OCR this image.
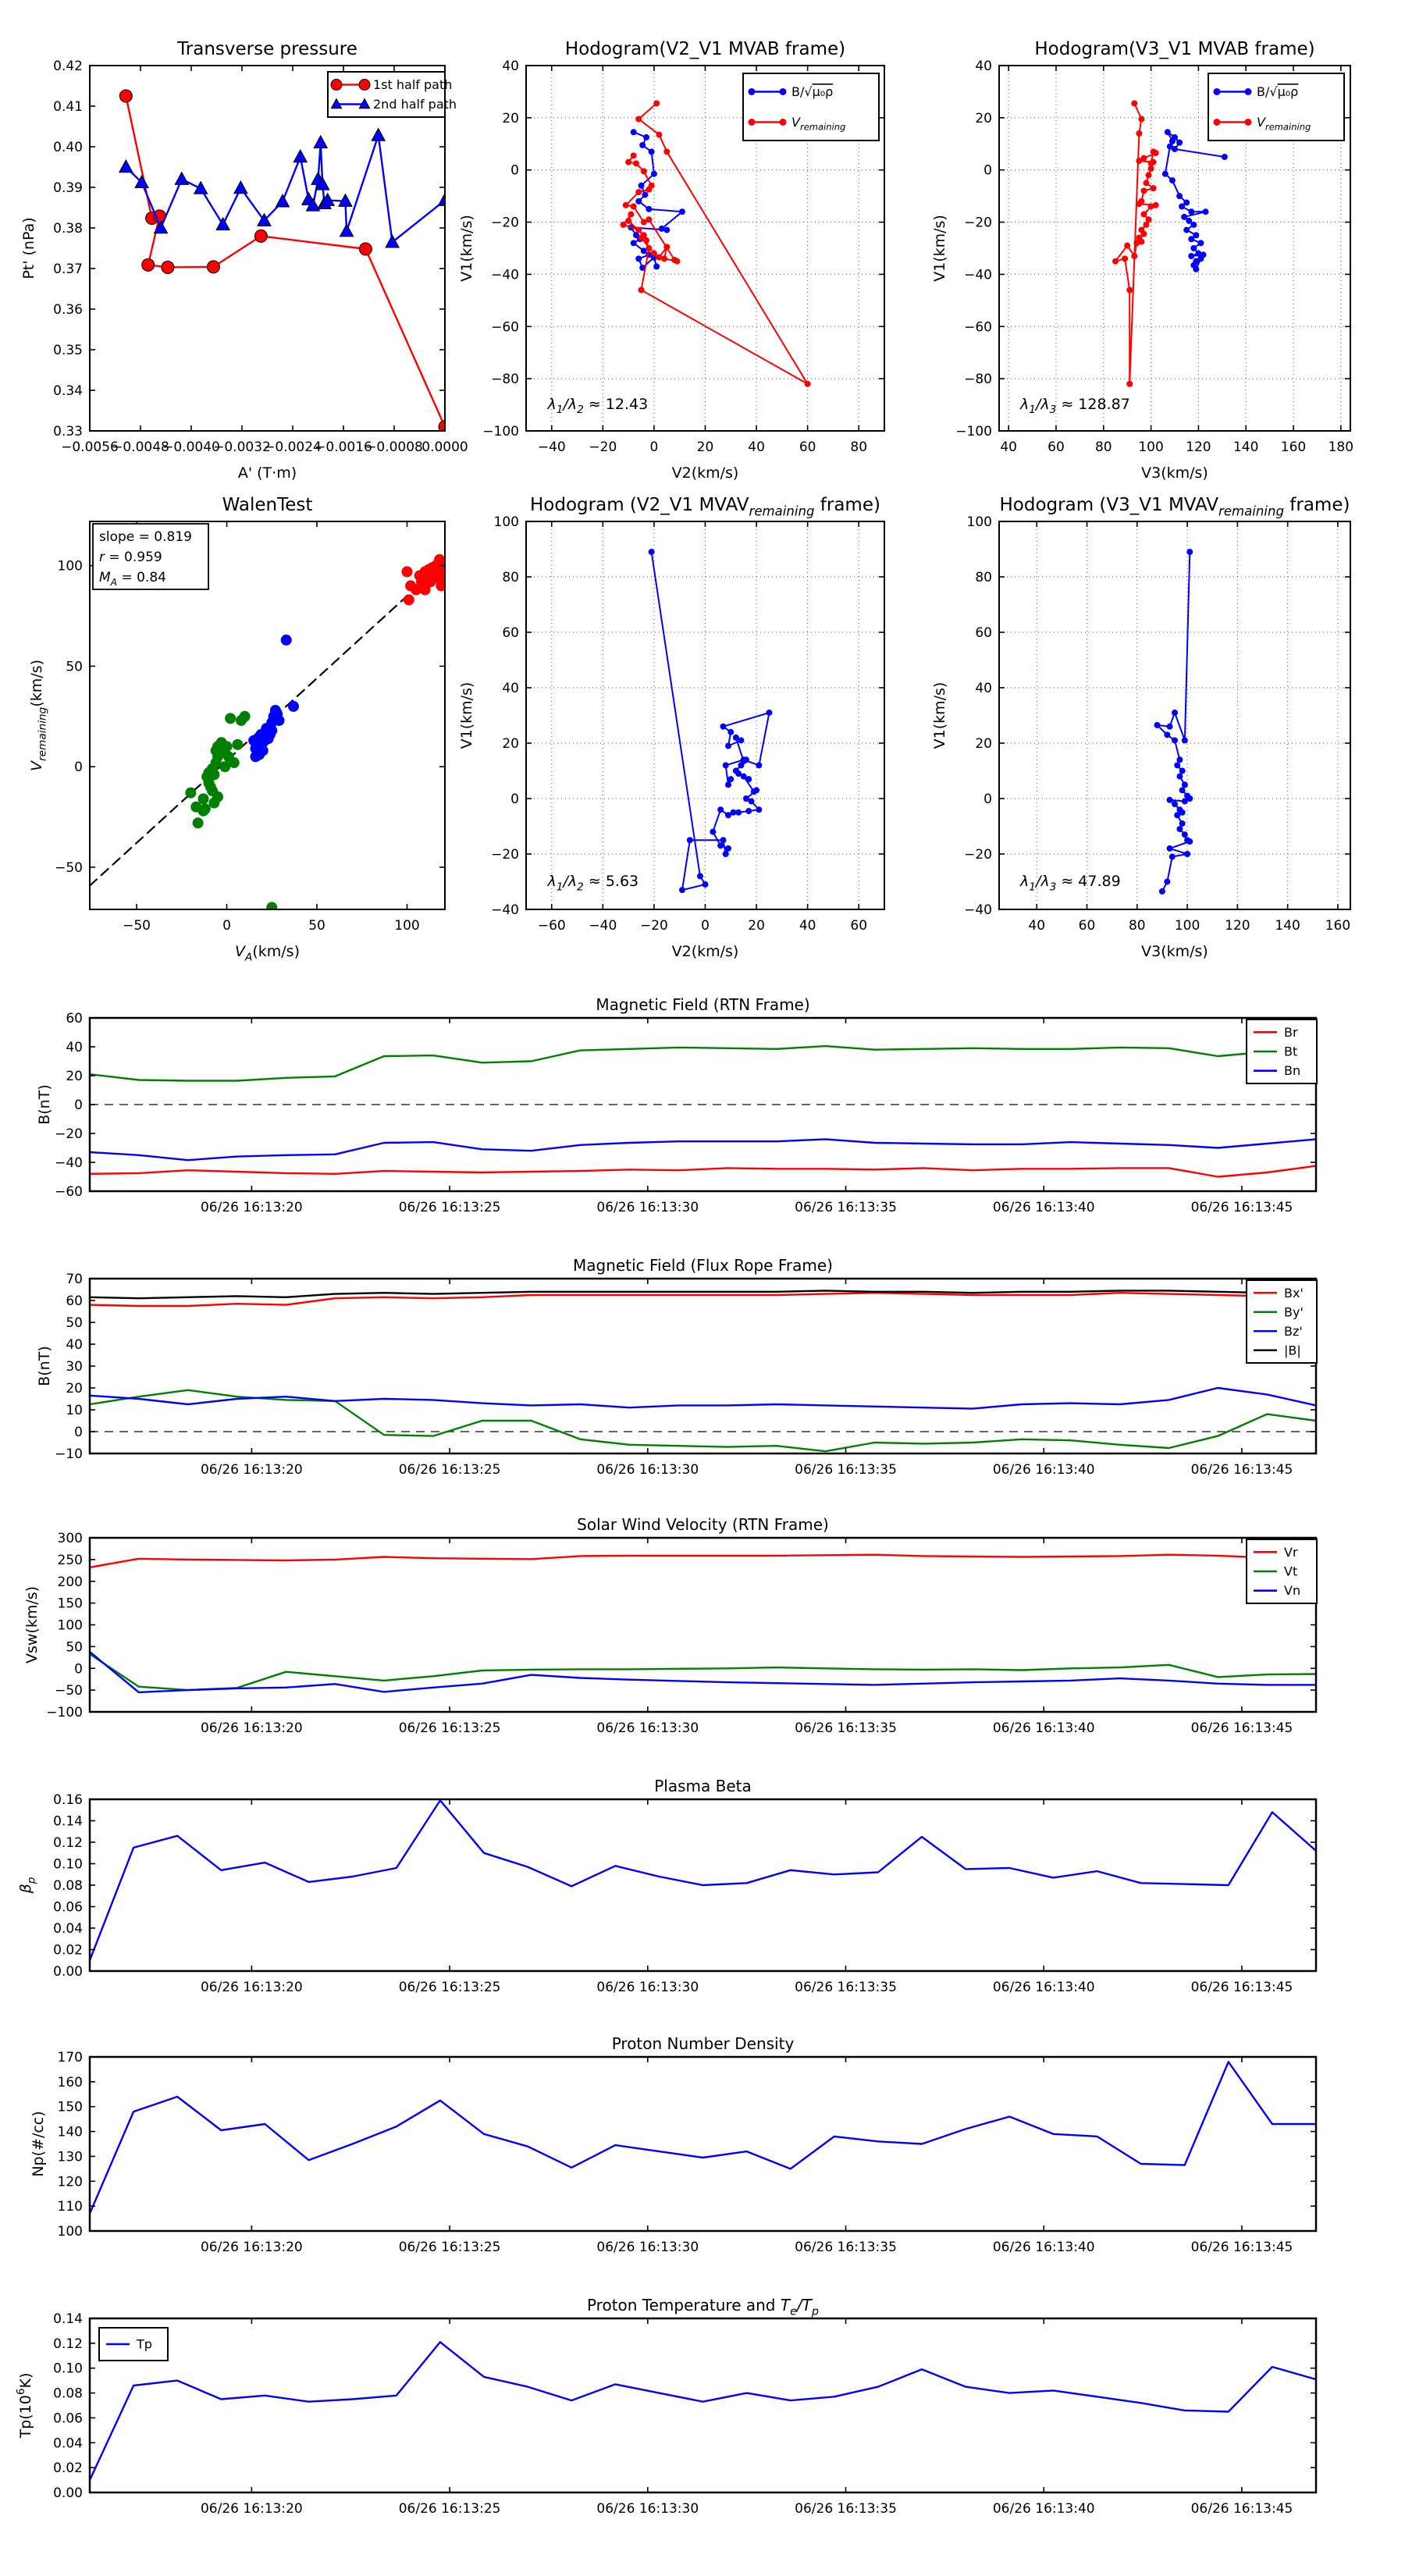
−0.0056
−0.0048
−0.0040
−0.0032
−0.0024
−0.0016
−0.0008
0.0000
0.33
0.34
0.35
0.36
0.37
0.38
0.39
0.40
0.41
0.42
Transverse pressure
A' (T·m)
Pt' (nPa)
1st half path
2nd half path
−40 −20 0	20	40	60	80
−100
−80
−60
−40
−20
0
20
40
Hodogram(V2_V1 MVAB frame)
V2(km/s)
V1(km/s)
$\lambda_1/\lambda_2 \approx 12.43$
B/√μ₀ρ
$V_{remaining}$
40 60 80 100 120 140 160 180
−100
−80
−60
−40
−20
0
20
40
Hodogram(V3_V1 MVAB frame)
V3(km/s)
V1(km/s)
$\lambda_1/\lambda_3 \approx 128.87$
B/√μ₀ρ
$V_{remaining}$
−50	0	50	100
−50
0
50
100
WalenTest
$V_A(km/s)$
$V_{remaining}(km/s)$
slope = 0.819
r = 0.959
$M_A = 0.84$
−60 −40 −20 0	20	40	60
−40
−20
0
20
40
60
80
100
Hodogram (V2_V1 $MVAV_{remaining}$ frame)
V2(km/s)
V1(km/s)
$\lambda_1/\lambda_2 \approx 5.63$
40	60	80 100 120 140 160
−40
−20
0
20
40
60
80
100
Hodogram (V3_V1 $MVAV_{remaining}$ frame)
V3(km/s)
V1(km/s)
$\lambda_1/\lambda_3 \approx 47.89$
06/26 16:13:20	06/26 16:13:25	06/26 16:13:30	06/26 16:13:35	06/26 16:13:40	06/26 16:13:45
−60
−40
−20
0
20
40
60
Magnetic Field (RTN Frame)
B(nT)
Br
Bt
Bn
06/26 16:13:20	06/26 16:13:25	06/26 16:13:30	06/26 16:13:35	06/26 16:13:40	06/26 16:13:45
−10
0
10
20
30
40
50
60
70
Magnetic Field (Flux Rope Frame)
B(nT)
Bx'
By'
Bz'
|B|
06/26 16:13:20	06/26 16:13:25	06/26 16:13:30	06/26 16:13:35	06/26 16:13:40	06/26 16:13:45
−100
−50
0
50
100
150
200
250
300
Solar Wind Velocity (RTN Frame)
Vsw(km/s)
Vr
Vt
Vn
06/26 16:13:20	06/26 16:13:25	06/26 16:13:30	06/26 16:13:35	06/26 16:13:40	06/26 16:13:45
0.00
0.02
0.04
0.06
0.08
0.10
0.12
0.14
0.16
Plasma Beta
$\beta_p$
06/26 16:13:20	06/26 16:13:25	06/26 16:13:30	06/26 16:13:35	06/26 16:13:40	06/26 16:13:45
100
110
120
130
140
150
160
170
Proton Number Density
Np(#/cc)
06/26 16:13:20	06/26 16:13:25	06/26 16:13:30	06/26 16:13:35	06/26 16:13:40	06/26 16:13:45
0.00
0.02
0.04
0.06
0.08
0.10
0.12
0.14
Proton Temperature and $T_e/T_p$
$Tp(10^6K)$
Tp
